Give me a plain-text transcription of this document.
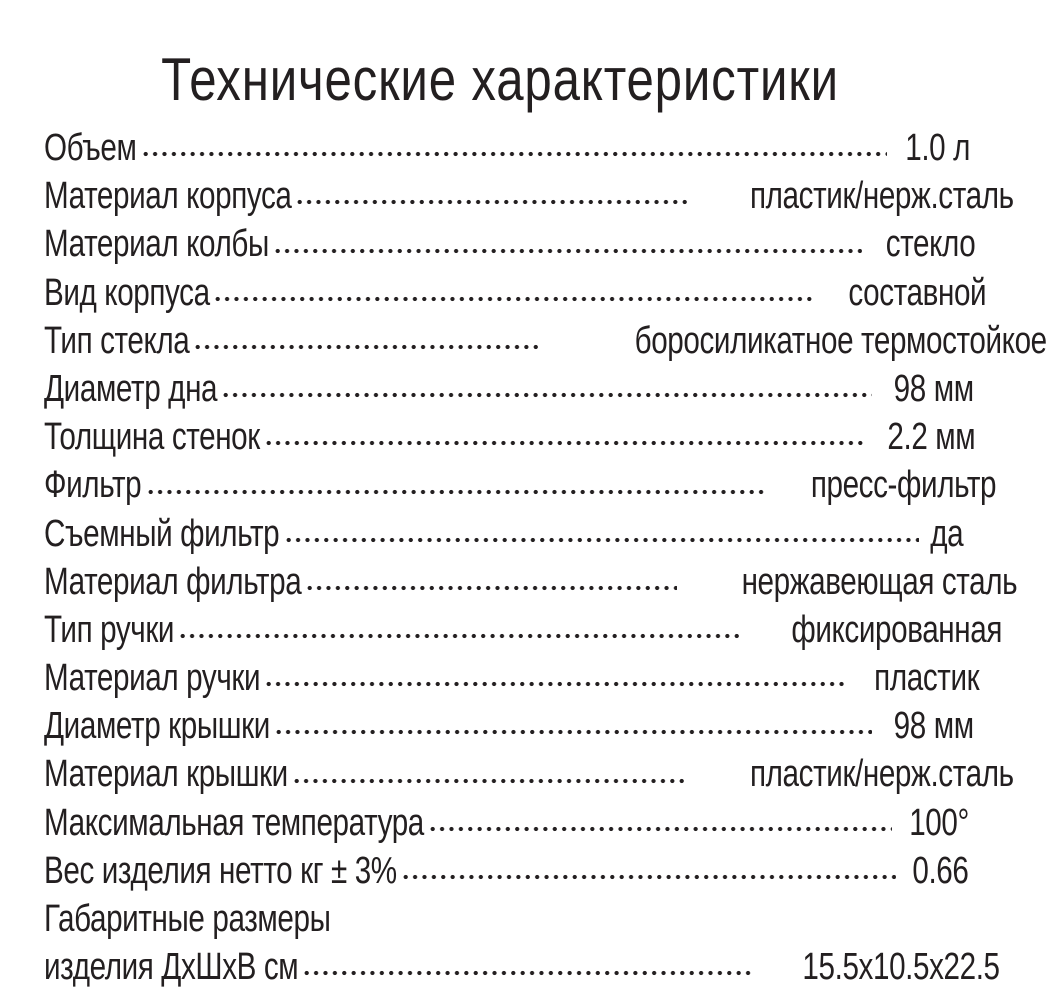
Технические характеристики
Объем	1.0 л
Материал корпуса	пластик/нерж.сталь
Материал колбы	стекло
Вид корпуса	составной
Тип стекла	боросиликатное термостойкое
Диаметр дна	98 мм
Толщина стенок	2.2 мм
Фильтр	пресс-фильтр
Съемный фильтр	да
Материал фильтра	нержавеющая сталь
Тип ручки	фиксированная
Материал ручки	пластик
Диаметр крышки	98 мм
Материал крышки	пластик/нерж.сталь
Максимальная температура	100°
Вес изделия нетто кг ± 3%	0.66
Габаритные размеры
изделия ДхШхВ см	15.5х10.5х22.5
